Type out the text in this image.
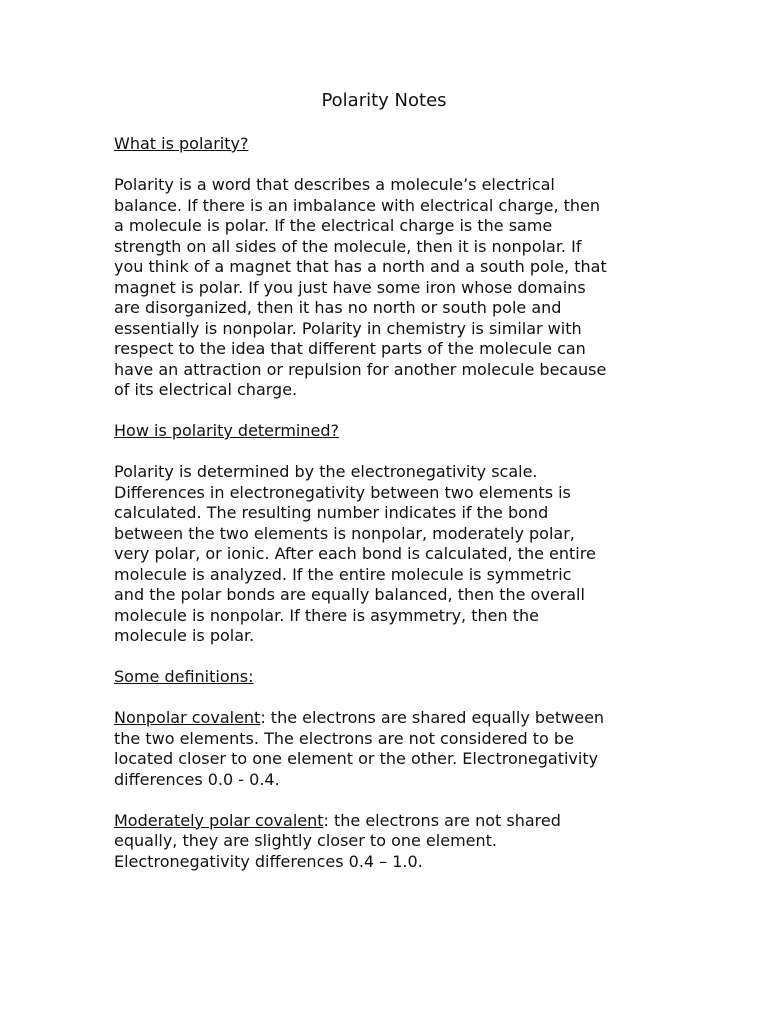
Polarity Notes

What is polarity?

Polarity is a word that describes a molecule’s electrical
balance. If there is an imbalance with electrical charge, then
a molecule is polar. If the electrical charge is the same
strength on all sides of the molecule, then it is nonpolar. If
you think of a magnet that has a north and a south pole, that
magnet is polar. If you just have some iron whose domains
are disorganized, then it has no north or south pole and
essentially is nonpolar. Polarity in chemistry is similar with
respect to the idea that different parts of the molecule can
have an attraction or repulsion for another molecule because
of its electrical charge.

How is polarity determined?

Polarity is determined by the electronegativity scale.
Differences in electronegativity between two elements is
calculated. The resulting number indicates if the bond
between the two elements is nonpolar, moderately polar,
very polar, or ionic. After each bond is calculated, the entire
molecule is analyzed. If the entire molecule is symmetric
and the polar bonds are equally balanced, then the overall
molecule is nonpolar. If there is asymmetry, then the
molecule is polar.

Some definitions:

Nonpolar covalent: the electrons are shared equally between
the two elements. The electrons are not considered to be
located closer to one element or the other. Electronegativity
differences 0.0 - 0.4.

Moderately polar covalent: the electrons are not shared
equally, they are slightly closer to one element.
Electronegativity differences 0.4 – 1.0.
